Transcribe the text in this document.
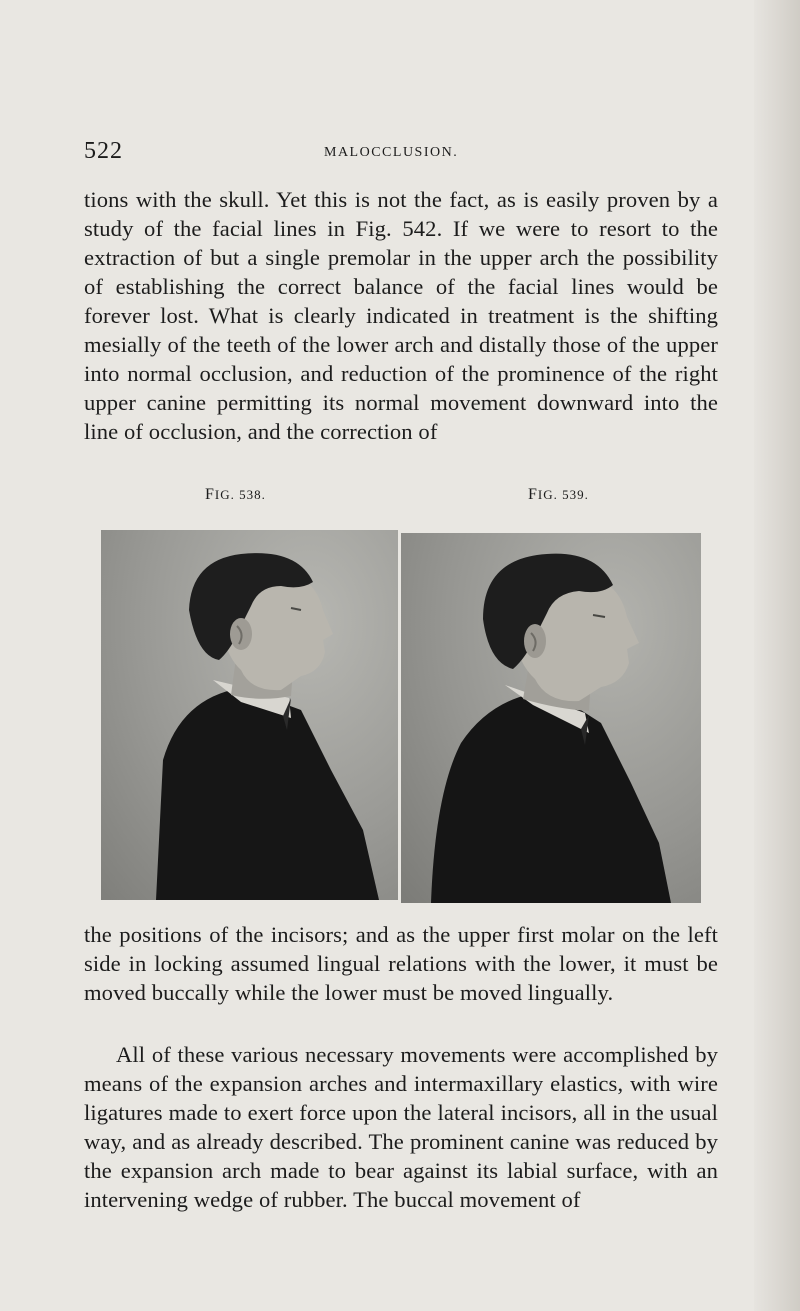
522	MALOCCLUSION.

tions with the skull. Yet this is not the fact, as is easily proven by a study of the facial lines in Fig. 542. If we were to resort to the extraction of but a single premolar in the upper arch the possibility of establishing the correct balance of the facial lines would be forever lost. What is clearly indicated in treatment is the shifting mesially of the teeth of the lower arch and distally those of the upper into normal occlusion, and reduction of the prominence of the right upper canine permitting its normal movement downward into the line of occlusion, and the correction of

FIG. 538.	FIG. 539.

the positions of the incisors; and as the upper first molar on the left side in locking assumed lingual relations with the lower, it must be moved buccally while the lower must be moved lingually.

All of these various necessary movements were accomplished by means of the expansion arches and intermaxillary elastics, with wire ligatures made to exert force upon the lateral incisors, all in the usual way, and as already described. The prominent canine was reduced by the expansion arch made to bear against its labial surface, with an intervening wedge of rubber. The buccal movement of
